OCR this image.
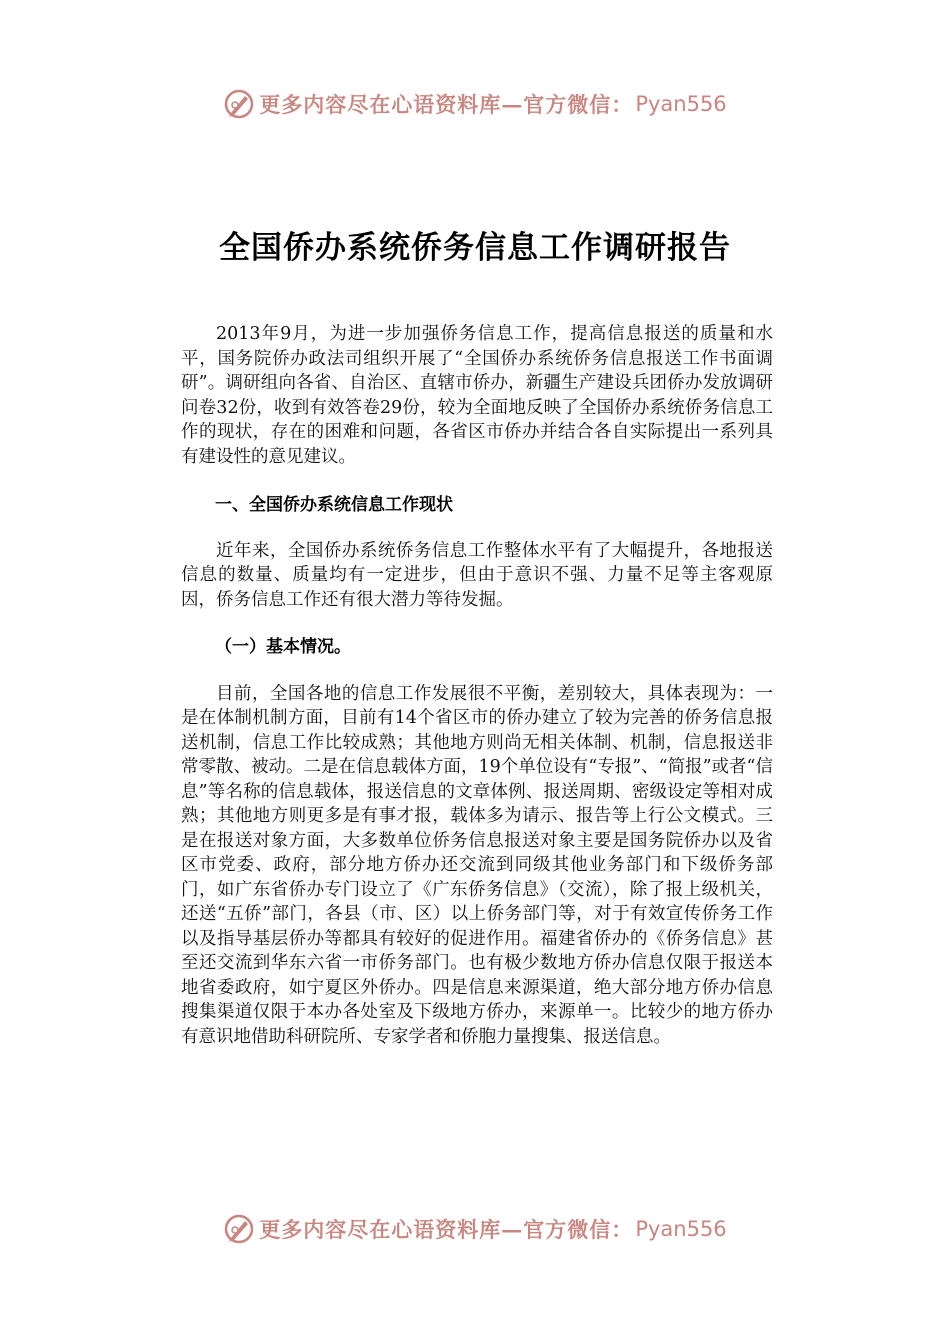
更多内容尽在心语资料库—官方微信： Pyan556
全国侨办系统侨务信息工作调研报告

2013年9月，为进一步加强侨务信息工作，提高信息报送的质量和水平，国务院侨办政法司组织开展了“全国侨办系统侨务信息报送工作书面调研”。调研组向各省、自治区、直辖市侨办，新疆生产建设兵团侨办发放调研问卷32份，收到有效答卷29份，较为全面地反映了全国侨办系统侨务信息工作的现状，存在的困难和问题，各省区市侨办并结合各自实际提出一系列具有建设性的意见建议。

一、全国侨办系统信息工作现状

近年来，全国侨办系统侨务信息工作整体水平有了大幅提升，各地报送信息的数量、质量均有一定进步，但由于意识不强、力量不足等主客观原因，侨务信息工作还有很大潜力等待发掘。

（一）基本情况。

目前，全国各地的信息工作发展很不平衡，差别较大，具体表现为：一是在体制机制方面，目前有14个省区市的侨办建立了较为完善的侨务信息报送机制，信息工作比较成熟；其他地方则尚无相关体制、机制，信息报送非常零散、被动。二是在信息载体方面，19个单位设有“专报”、“简报”或者“信息”等名称的信息载体，报送信息的文章体例、报送周期、密级设定等相对成熟；其他地方则更多是有事才报，载体多为请示、报告等上行公文模式。三是在报送对象方面，大多数单位侨务信息报送对象主要是国务院侨办以及省区市党委、政府，部分地方侨办还交流到同级其他业务部门和下级侨务部门，如广东省侨办专门设立了《广东侨务信息》（交流），除了报上级机关，还送“五侨”部门，各县（市、区）以上侨务部门等，对于有效宣传侨务工作以及指导基层侨办等都具有较好的促进作用。福建省侨办的《侨务信息》甚至还交流到华东六省一市侨务部门。也有极少数地方侨办信息仅限于报送本地省委政府，如宁夏区外侨办。四是信息来源渠道，绝大部分地方侨办信息搜集渠道仅限于本办各处室及下级地方侨办，来源单一。比较少的地方侨办有意识地借助科研院所、专家学者和侨胞力量搜集、报送信息。

更多内容尽在心语资料库—官方微信： Pyan556
